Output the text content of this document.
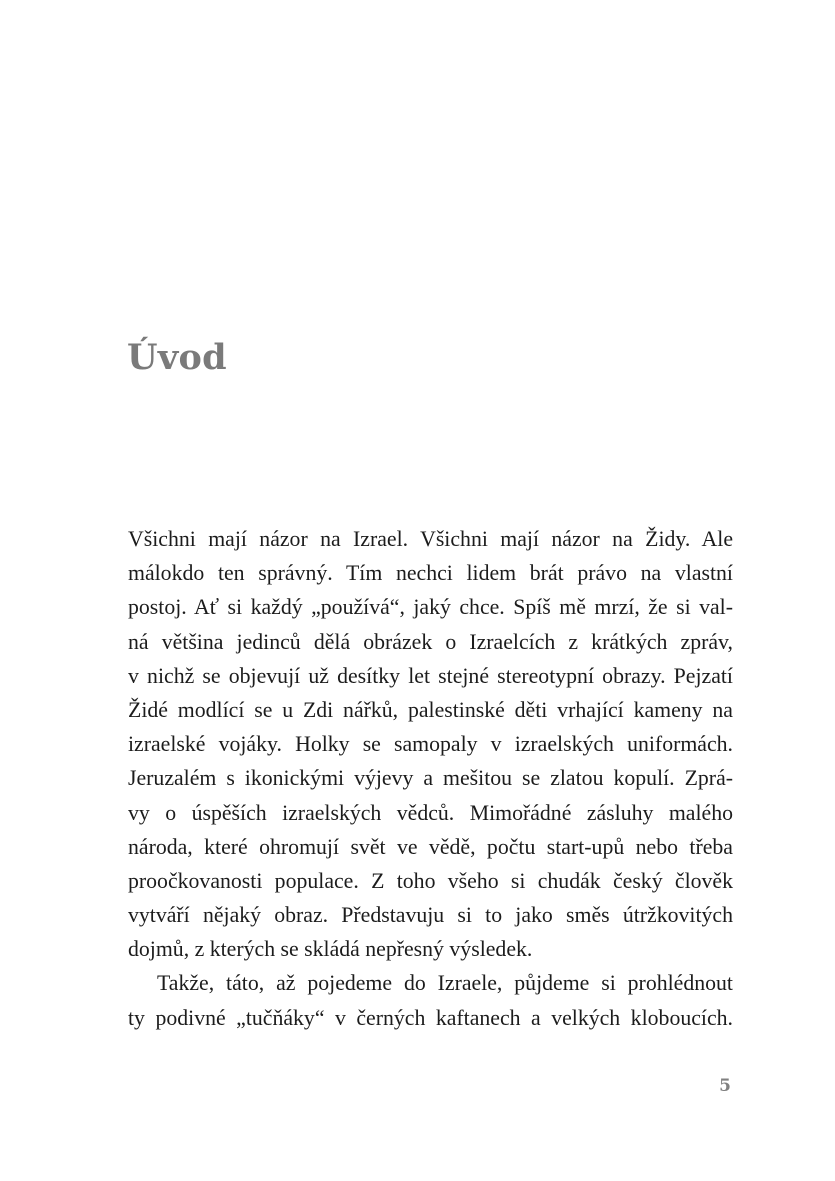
Úvod
Všichni mají názor na Izrael. Všichni mají názor na Židy. Ale
málokdo ten správný. Tím nechci lidem brát právo na vlastní
postoj. Ať si každý „používá“, jaký chce. Spíš mě mrzí, že si val-
ná většina jedinců dělá obrázek o Izraelcích z krátkých zpráv,
v nichž se objevují už desítky let stejné stereotypní obrazy. Pejzatí
Židé modlící se u Zdi nářků, palestinské děti vrhající kameny na
izraelské vojáky. Holky se samopaly v izraelských uniformách.
Jeruzalém s ikonickými výjevy a mešitou se zlatou kopulí. Zprá-
vy o úspěších izraelských vědců. Mimořádné zásluhy malého
národa, které ohromují svět ve vědě, počtu start-upů nebo třeba
proočkovanosti populace. Z toho všeho si chudák český člověk
vytváří nějaký obraz. Představuju si to jako směs útržkovitých
dojmů, z kterých se skládá nepřesný výsledek.
Takže, táto, až pojedeme do Izraele, půjdeme si prohlédnout
ty podivné „tučňáky“ v černých kaftanech a velkých kloboucích.
5
